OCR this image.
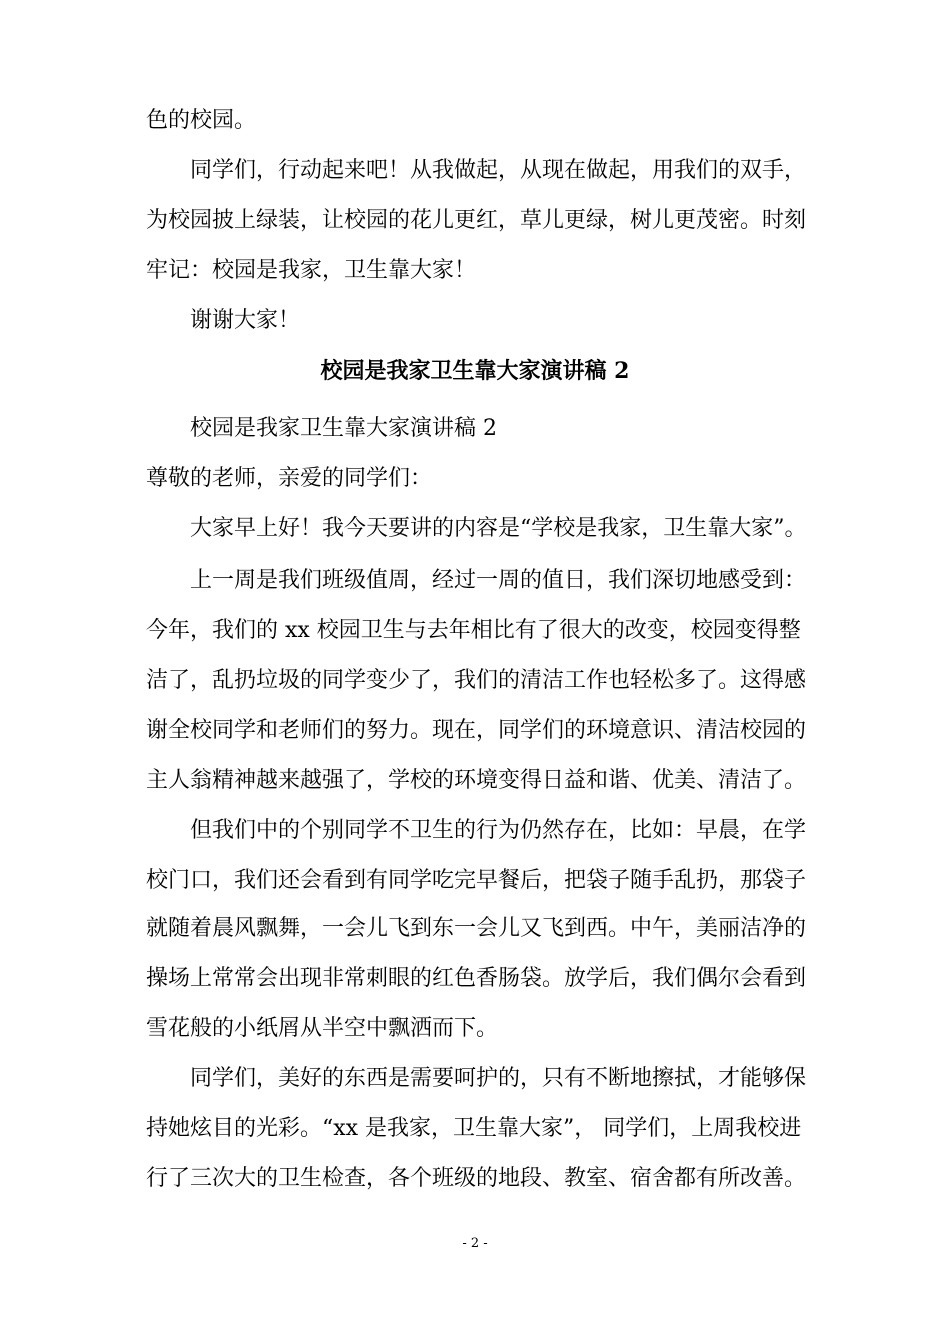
色的校园。
同学们，行动起来吧！从我做起，从现在做起，用我们的双手，
为校园披上绿装，让校园的花儿更红，草儿更绿，树儿更茂密。时刻
牢记：校园是我家，卫生靠大家！
谢谢大家！
校园是我家卫生靠大家演讲稿 2
校园是我家卫生靠大家演讲稿 2
尊敬的老师，亲爱的同学们：
大家早上好！我今天要讲的内容是“学校是我家，卫生靠大家”。
上一周是我们班级值周，经过一周的值日，我们深切地感受到：
今年，我们的 xx 校园卫生与去年相比有了很大的改变，校园变得整
洁了，乱扔垃圾的同学变少了，我们的清洁工作也轻松多了。这得感
谢全校同学和老师们的努力。现在，同学们的环境意识、清洁校园的
主人翁精神越来越强了，学校的环境变得日益和谐、优美、清洁了。
但我们中的个别同学不卫生的行为仍然存在，比如：早晨，在学
校门口，我们还会看到有同学吃完早餐后，把袋子随手乱扔，那袋子
就随着晨风飘舞，一会儿飞到东一会儿又飞到西。中午，美丽洁净的
操场上常常会出现非常刺眼的红色香肠袋。放学后，我们偶尔会看到
雪花般的小纸屑从半空中飘洒而下。
同学们，美好的东西是需要呵护的，只有不断地擦拭，才能够保
持她炫目的光彩。“xx 是我家，卫生靠大家”， 同学们，上周我校进
行了三次大的卫生检查，各个班级的地段、教室、宿舍都有所改善。
- 2 -
